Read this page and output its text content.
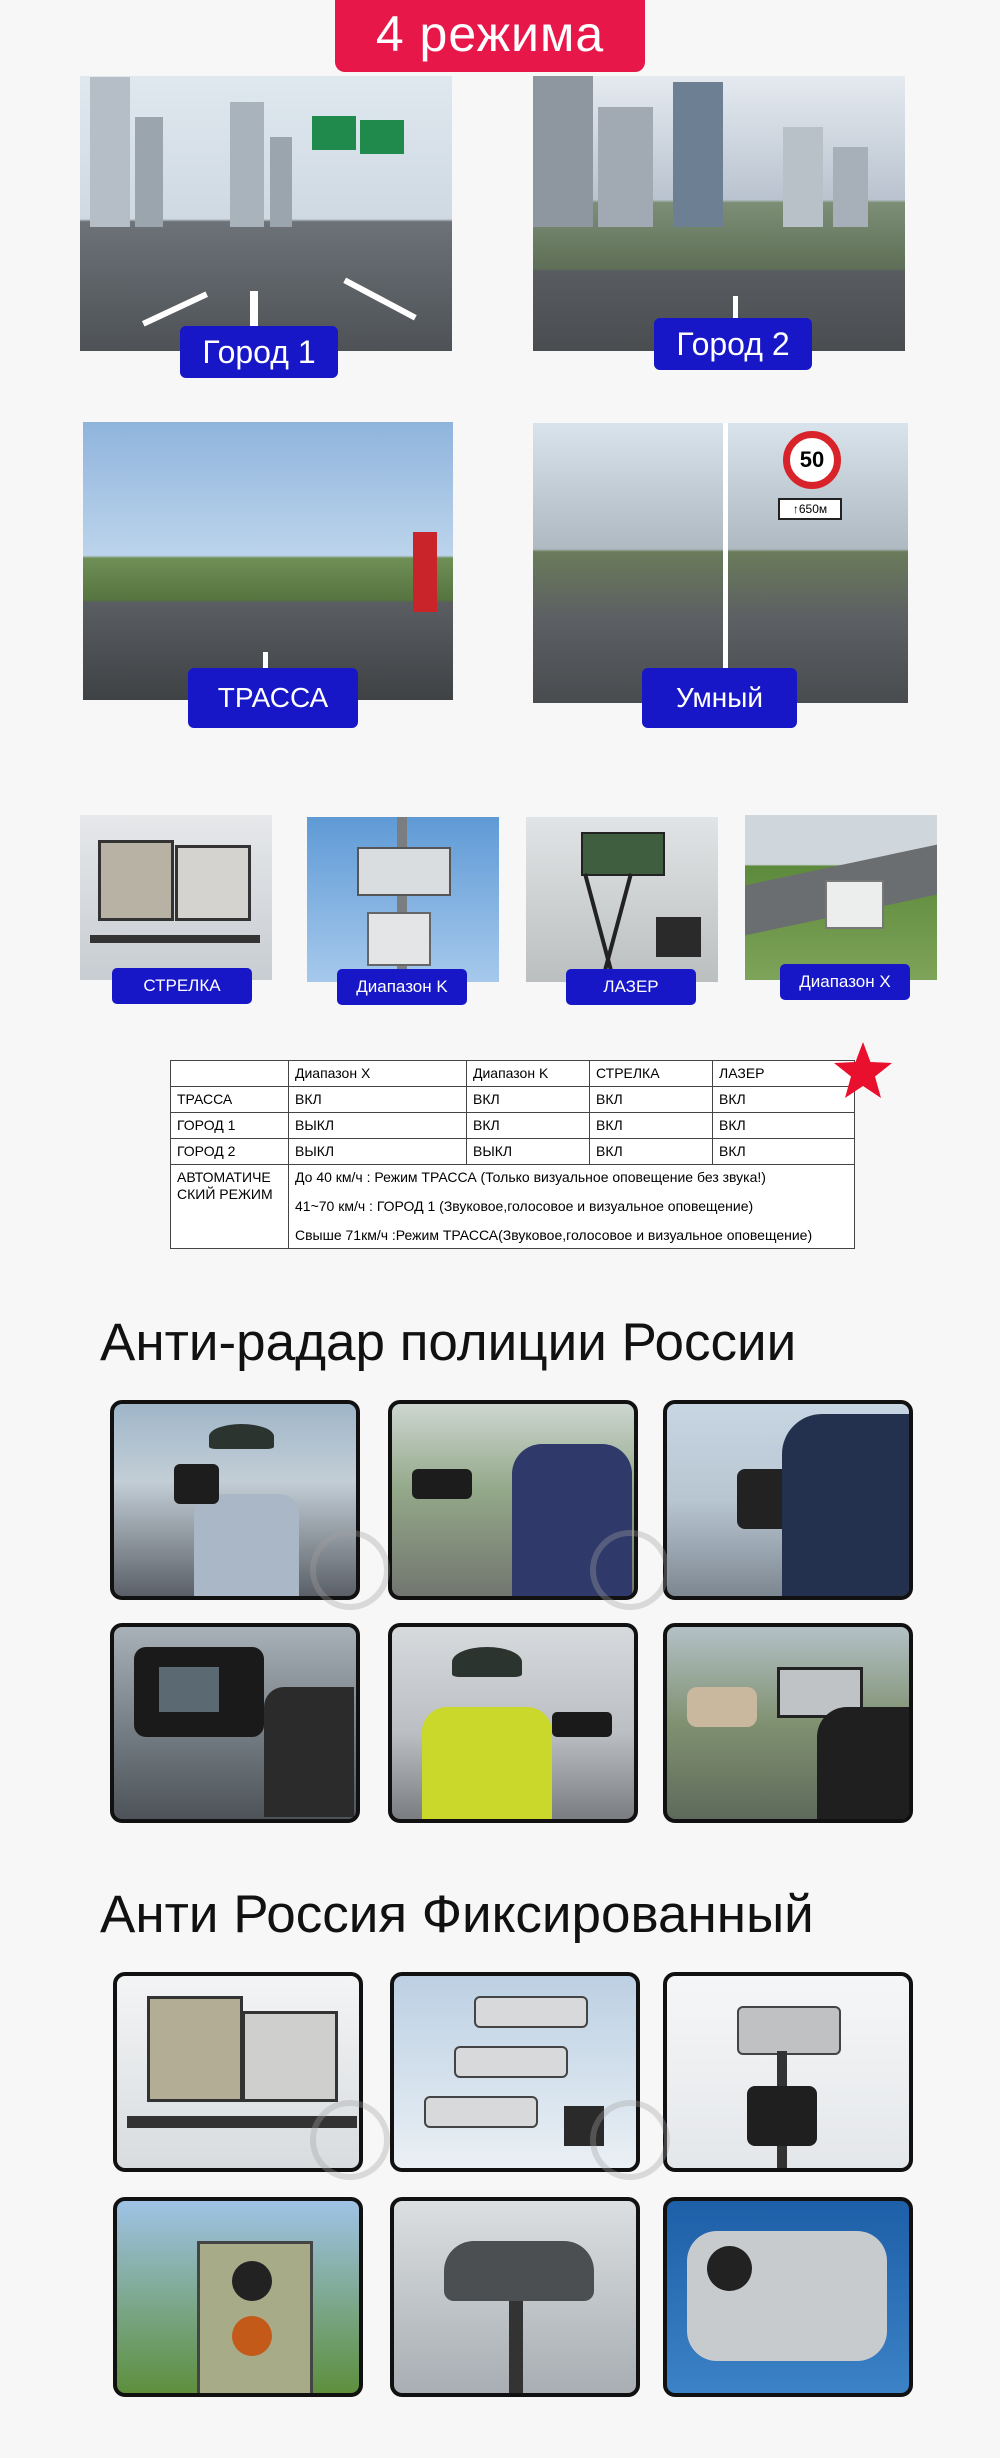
4 режима
Город 1	Город 2
ТРАССА
50
↑650м
Умный
СТРЕЛКА	Диапазон K	ЛАЗЕР	Диапазон X
	Диапазон X	Диапазон K	СТРЕЛКА	ЛАЗЕР
ТРАССА	ВКЛ	ВКЛ	ВКЛ	ВКЛ
ГОРОД 1	ВЫКЛ	ВКЛ	ВКЛ	ВКЛ
ГОРОД 2	ВЫКЛ	ВЫКЛ	ВКЛ	ВКЛ
АВТОМАТИЧЕ СКИЙ РЕЖИМ	До 40 км/ч : Режим ТРАССА (Только визуальное оповещение без звука!)

41~70 км/ч : ГОРОД 1 (Звуковое,голосовое и визуальное оповещение)

Свыше 71км/ч :Режим ТРАССА(Звуковое,голосовое и визуальное оповещение)			

Анти-радар полиции России
Анти Россия Фиксированный
